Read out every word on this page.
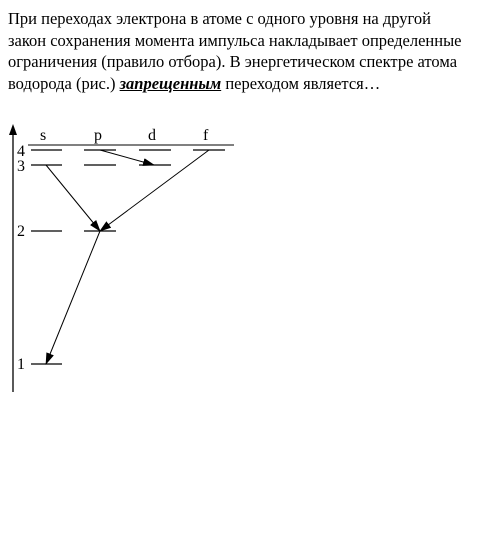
При переходах электрона в атоме с одного уровня на другой закон сохранения момента импульса накладывает определенные ограничения (правило отбора). В энергетическом спектре атома водорода (рис.) запрещенным переходом является…

s	p	d	f
4
3
2
1
